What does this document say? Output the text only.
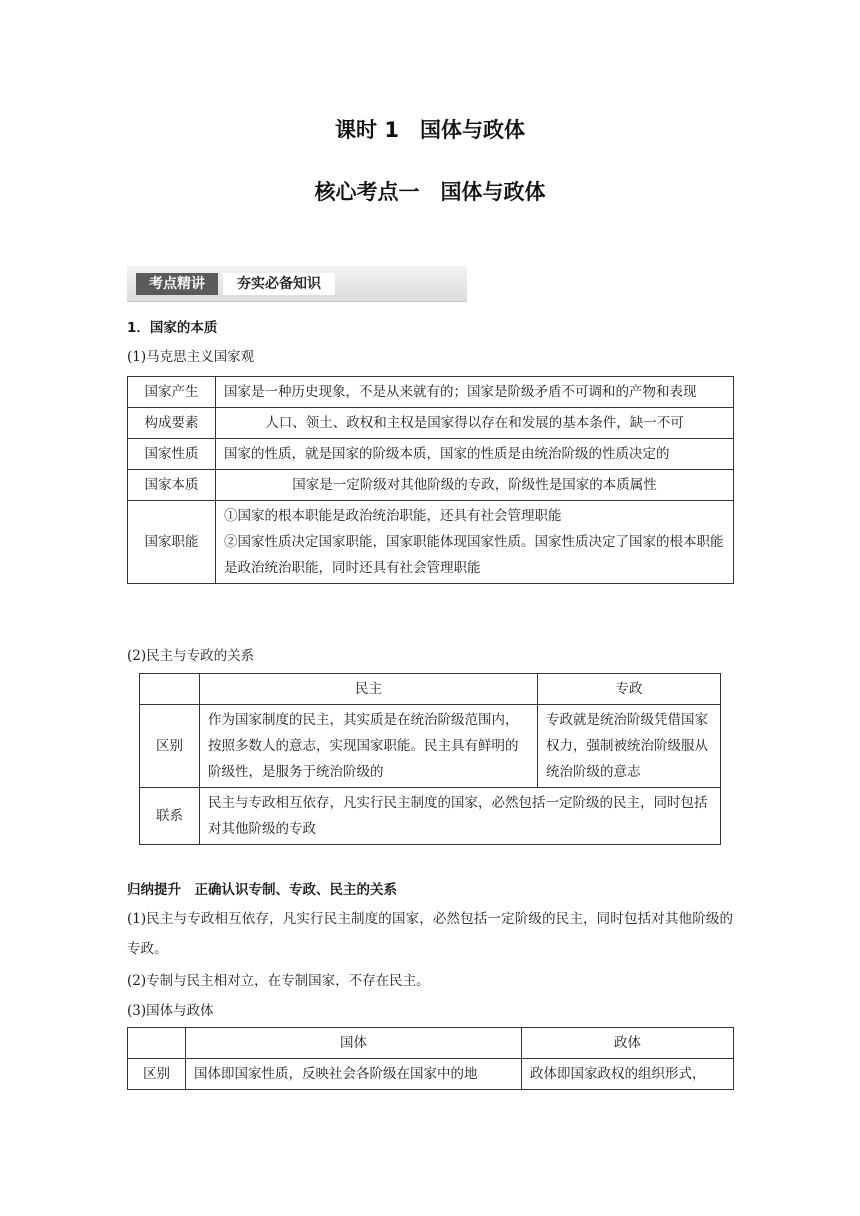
课时 1　国体与政体
核心考点一　国体与政体
考点精讲	夯实必备知识
1．国家的本质
(1)马克思主义国家观
国家产生	国家是一种历史现象，不是从来就有的；国家是阶级矛盾不可调和的产物和表现
构成要素	人口、领土、政权和主权是国家得以存在和发展的基本条件，缺一不可
国家性质	国家的性质，就是国家的阶级本质，国家的性质是由统治阶级的性质决定的
国家本质	国家是一定阶级对其他阶级的专政，阶级性是国家的本质属性
国家职能	①国家的根本职能是政治统治职能，还具有社会管理职能
②国家性质决定国家职能，国家职能体现国家性质。国家性质决定了国家的根本职能是政治统治职能，同时还具有社会管理职能
(2)民主与专政的关系
	民主	专政
区别	作为国家制度的民主，其实质是在统治阶级范围内，按照多数人的意志，实现国家职能。民主具有鲜明的阶级性，是服务于统治阶级的	专政就是统治阶级凭借国家权力，强制被统治阶级服从统治阶级的意志
联系	民主与专政相互依存，凡实行民主制度的国家，必然包括一定阶级的民主，同时包括对其他阶级的专政	
归纳提升　正确认识专制、专政、民主的关系
(1)民主与专政相互依存，凡实行民主制度的国家，必然包括一定阶级的民主，同时包括对其他阶级的专政。
(2)专制与民主相对立，在专制国家，不存在民主。
(3)国体与政体
	国体	政体
区别	国体即国家性质，反映社会各阶级在国家中的地	政体即国家政权的组织形式，
